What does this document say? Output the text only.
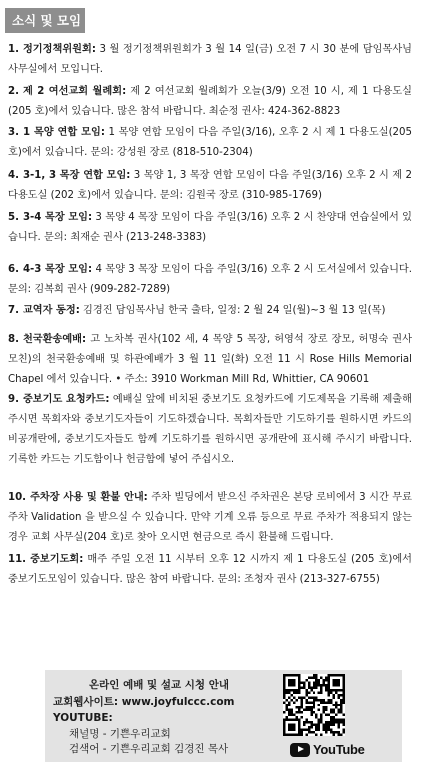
소식 및 모임
1. 정기정책위원회: 3 월 정기정책위원회가 3 월 14 일(금) 오전 7 시 30 분에 담임목사님 사무실에서 모입니다.
2. 제 2 여선교회 월례회: 제 2 여선교회 월례회가 오늘(3/9) 오전 10 시, 제 1 다용도실(205 호)에서 있습니다. 많은 참석 바랍니다. 최순정 권사: 424-362-8823
3. 1 목양 연합 모임: 1 목양 연합 모임이 다음 주일(3/16), 오후 2 시 제 1 다용도실(205 호)에서 있습니다. 문의: 강성원 장로 (818-510-2304)
4. 3-1, 3 목장 연합 모임: 3 목양 1, 3 목장 연합 모임이 다음 주일(3/16) 오후 2 시 제 2 다용도실 (202 호)에서 있습니다. 문의: 김원국 장로 (310-985-1769)
5. 3-4 목장 모임: 3 목양 4 목장 모임이 다음 주일(3/16) 오후 2 시 찬양대 연습실에서 있습니다. 문의: 최재순 권사 (213-248-3383)
6. 4-3 목장 모임: 4 목양 3 목장 모임이 다음 주일(3/16) 오후 2 시 도서실에서 있습니다. 문의: 김복희 권사 (909-282-7289)
7. 교역자 동정: 김경진 담임목사님 한국 출타, 일정: 2 월 24 일(월)~3 월 13 일(목)
8. 천국환송예배: 고 노차복 권사(102 세, 4 목양 5 목장, 허영석 장로 장모, 허명숙 권사 모친)의 천국환송예배 및 하관예배가 3 월 11 일(화) 오전 11 시 Rose Hills Memorial Chapel 에서 있습니다. • 주소: 3910 Workman Mill Rd, Whittier, CA 90601
9. 중보기도 요청카드: 예배실 앞에 비치된 중보기도 요청카드에 기도제목을 기록해 제출해 주시면 목회자와 중보기도자들이 기도하겠습니다. 목회자들만 기도하기를 원하시면 카드의 비공개란에, 중보기도자들도 함께 기도하기를 원하시면 공개란에 표시해 주시기 바랍니다. 기록한 카드는 기도함이나 헌금함에 넣어 주십시오.
10. 주차장 사용 및 환불 안내: 주차 빌딩에서 받으신 주차권은 본당 로비에서 3 시간 무료주차 Validation 을 받으실 수 있습니다. 만약 기계 오류 등으로 무료 주차가 적용되지 않는 경우 교회 사무실(204 호)로 찾아 오시면 현금으로 즉시 환불해 드립니다.
11. 중보기도회: 매주 주일 오전 11 시부터 오후 12 시까지 제 1 다용도실 (205 호)에서 중보기도모임이 있습니다. 많은 참여 바랍니다. 문의: 조청자 권사 (213-327-6755)
온라인 예배 및 설교 시청 안내
교회웹사이트: www.joyfulccc.com
YOUTUBE:
채널명 - 기쁜우리교회
검색어 - 기쁜우리교회 김경진 목사	YouTube
